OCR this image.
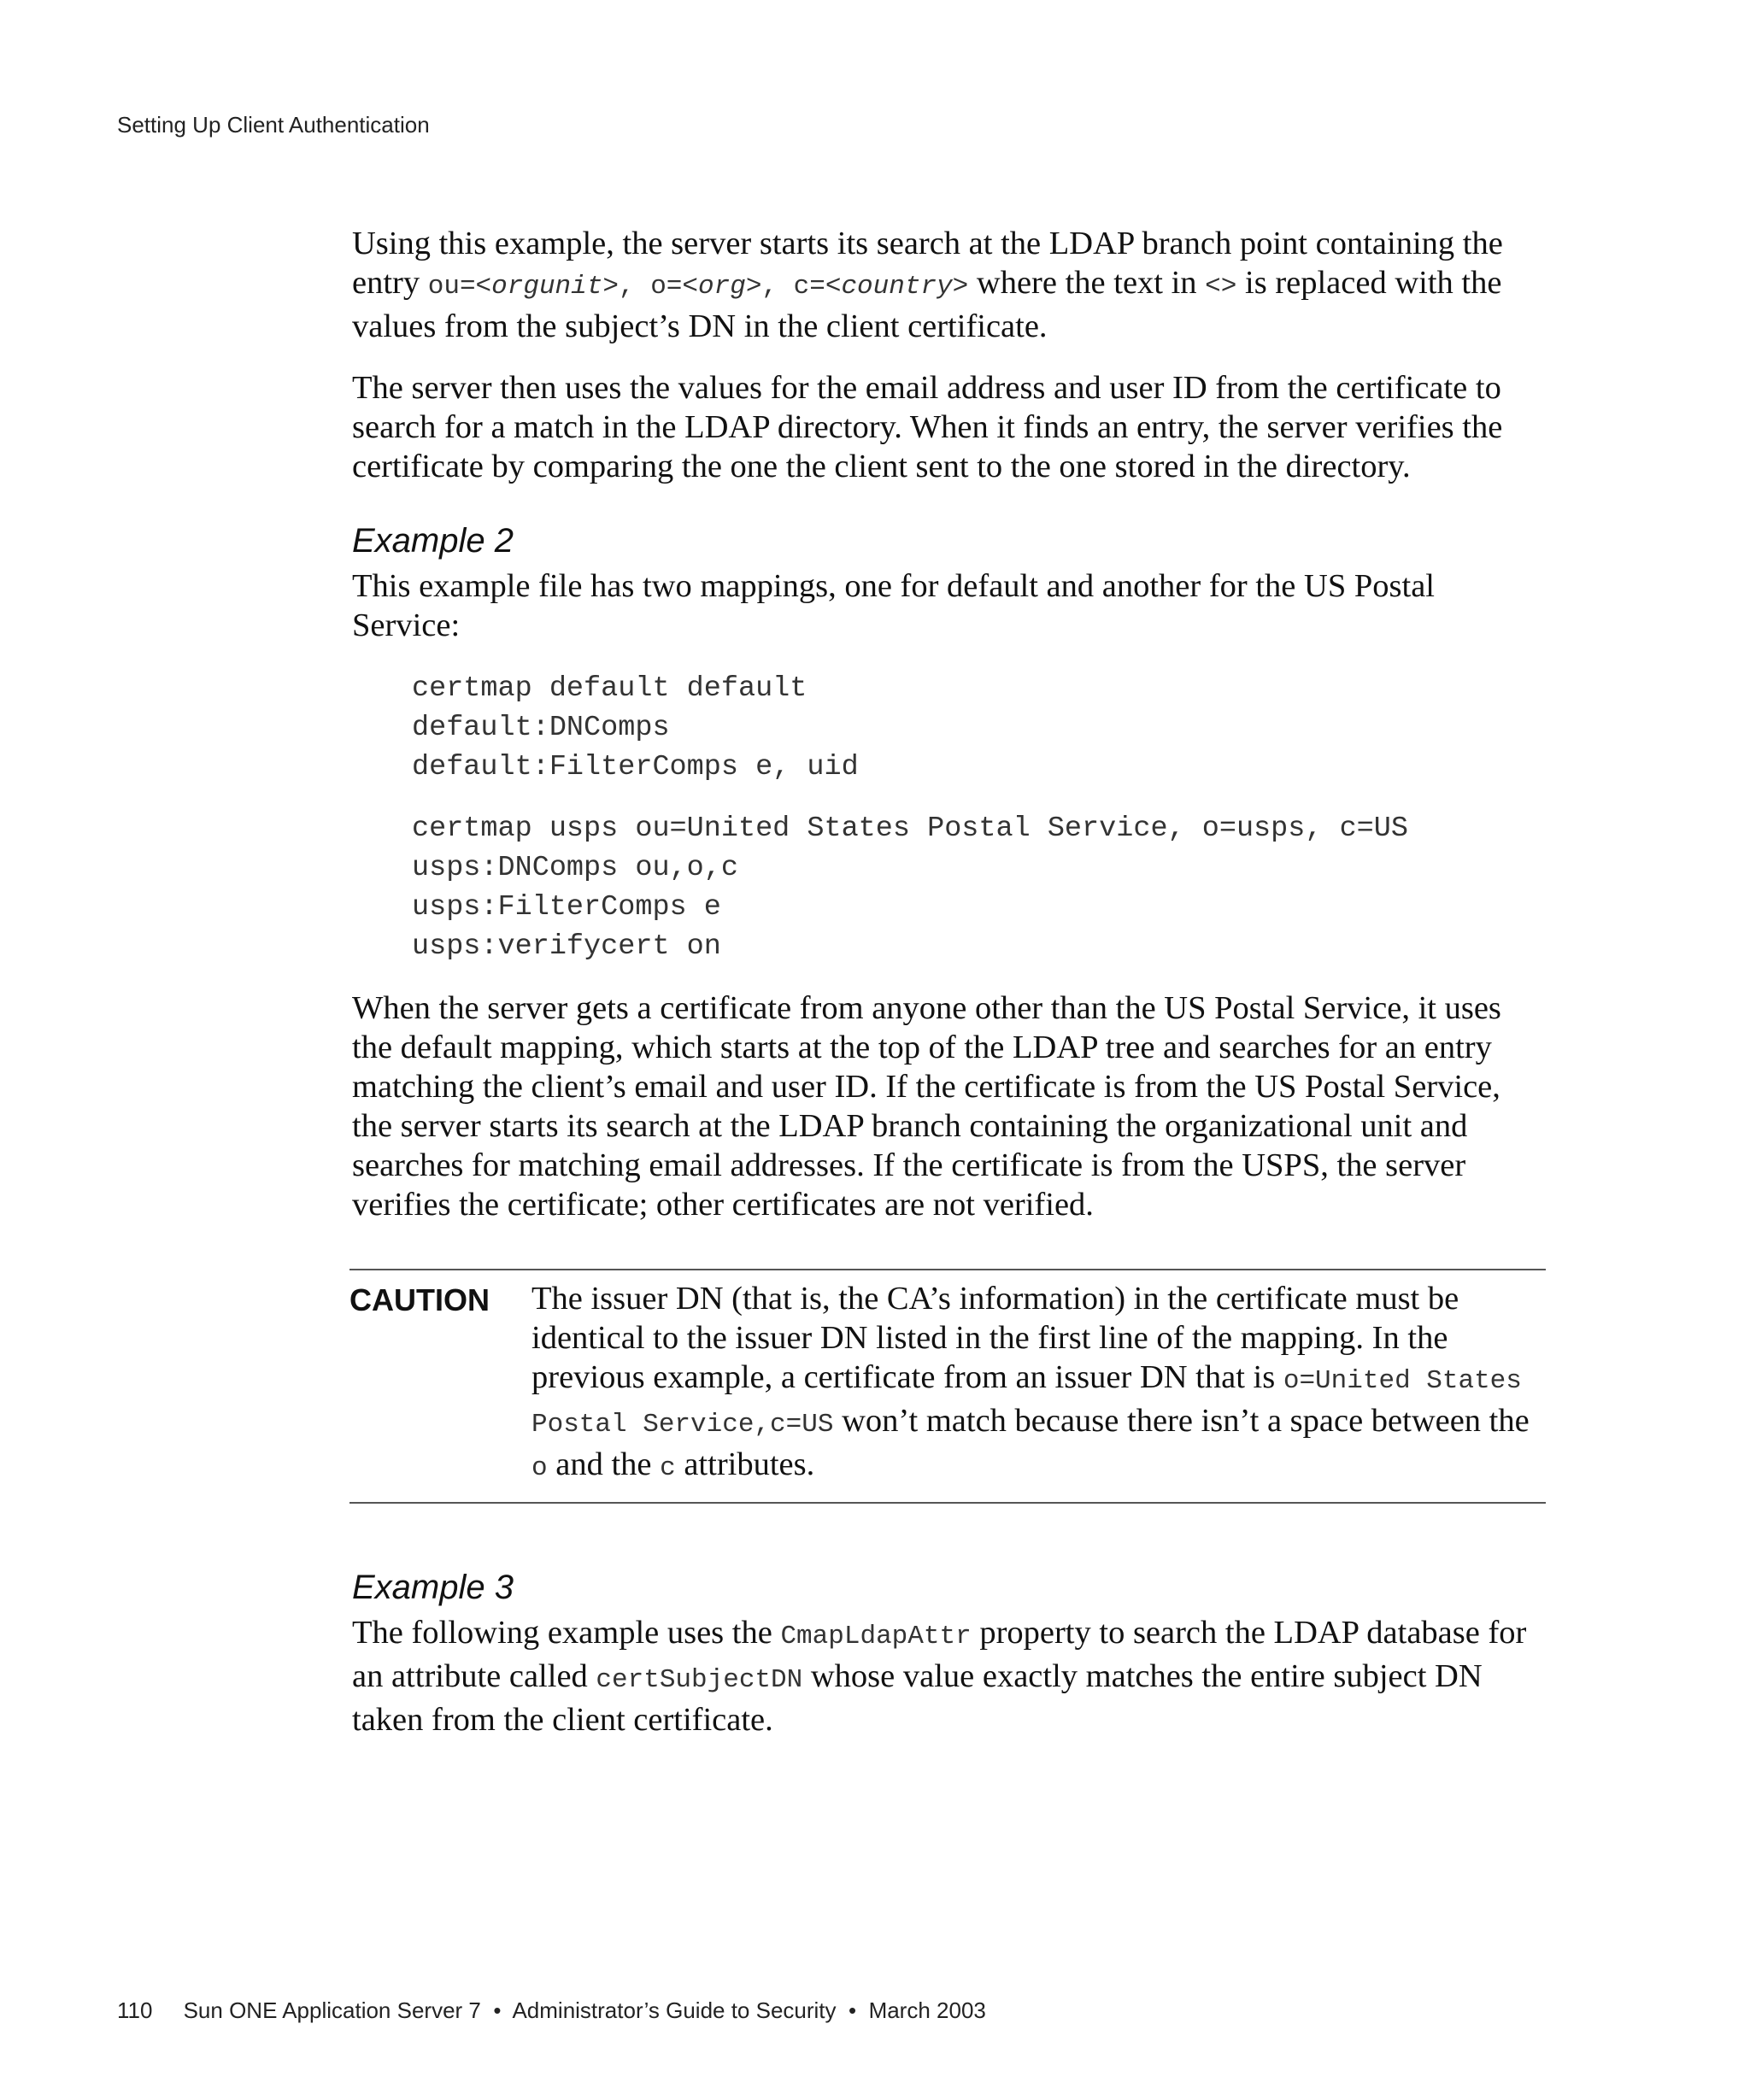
Setting Up Client Authentication

Using this example, the server starts its search at the LDAP branch point containing the entry ou=<orgunit>, o=<org>, c=<country> where the text in <> is replaced with the values from the subject’s DN in the client certificate.

The server then uses the values for the email address and user ID from the certificate to search for a match in the LDAP directory. When it finds an entry, the server verifies the certificate by comparing the one the client sent to the one stored in the directory.

Example 2

This example file has two mappings, one for default and another for the US Postal Service:

certmap default default
default:DNComps
default:FilterComps e, uid
certmap usps ou=United States Postal Service, o=usps, c=US
usps:DNComps ou,o,c
usps:FilterComps e
usps:verifycert on

When the server gets a certificate from anyone other than the US Postal Service, it uses the default mapping, which starts at the top of the LDAP tree and searches for an entry matching the client’s email and user ID. If the certificate is from the US Postal Service, the server starts its search at the LDAP branch containing the organizational unit and searches for matching email addresses. If the certificate is from the USPS, the server verifies the certificate; other certificates are not verified.

CAUTION	The issuer DN (that is, the CA’s information) in the certificate must be identical to the issuer DN listed in the first line of the mapping. In the previous example, a certificate from an issuer DN that is o=United States Postal Service,c=US won’t match because there isn’t a space between the o and the c attributes.
Example 3

The following example uses the CmapLdapAttr property to search the LDAP database for an attribute called certSubjectDN whose value exactly matches the entire subject DN taken from the client certificate.

110 Sun ONE Application Server 7 • Administrator’s Guide to Security • March 2003
